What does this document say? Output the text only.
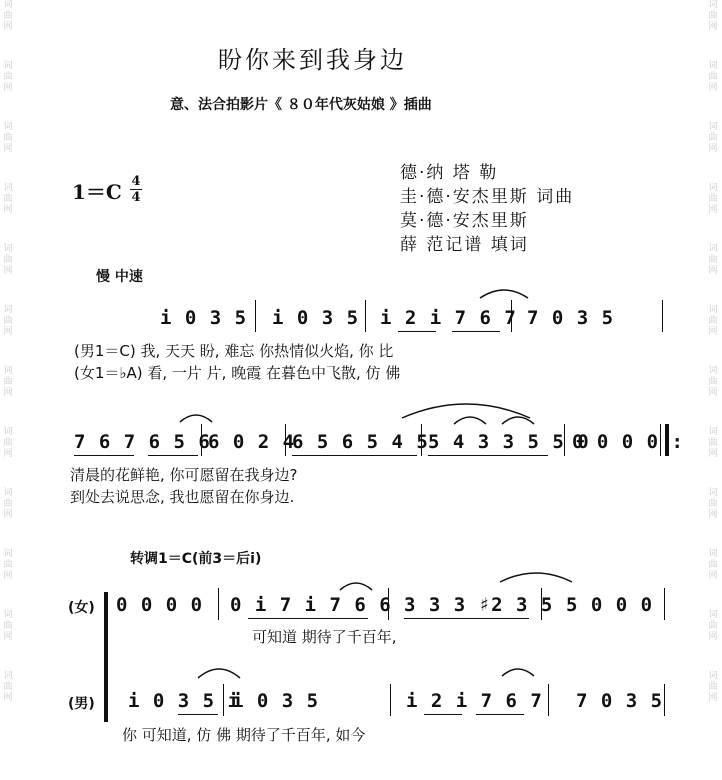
词曲网
词曲网
词曲网
词曲网
词曲网
词曲网
词曲网
词曲网
词曲网
词曲网
词曲网
词曲网
词曲网
词曲网
词曲网
词曲网
词曲网
词曲网
词曲网
词曲网
词曲网
词曲网
词曲网
词曲网
盼你来到我身边
意、法合拍影片《 ８０年代灰姑娘 》插曲
$1=C \frac{4}{4}$
德·纳 塔 勒
圭·德·安杰里斯 词曲
莫·德·安杰里斯
薛 范记谱 填词
慢 中速
i 0 3 5 i 0 3 5 i 2 i 7 6 7 7 0 3 5
(男1＝C) 我, 天天 盼, 难忘 你热情似火焰, 你 比
(女1＝♭A) 看, 一片 片, 晚霞 在暮色中飞散, 仿 佛
7 6 7 6 5 6
6 0 2 4
6 5 6 5 4 5 5 4 3 3 5 5 0
0 0 0 0 :
清晨的花鲜艳, 你可愿留在我身边?
到处去说思念, 我也愿留在你身边.
转调1＝C(前3＝后i)
(女) 0 0 0 0 0 i 7 i 7 6 6 3 3 3 ♯2 3 5 5 0 0 0
可知道 期待了千百年,
(男) i 0 3 5 i
i 0 3 5	i 2 i 7 6 7 7 0 3 5
你 可知道, 仿 佛 期待了千百年, 如今
